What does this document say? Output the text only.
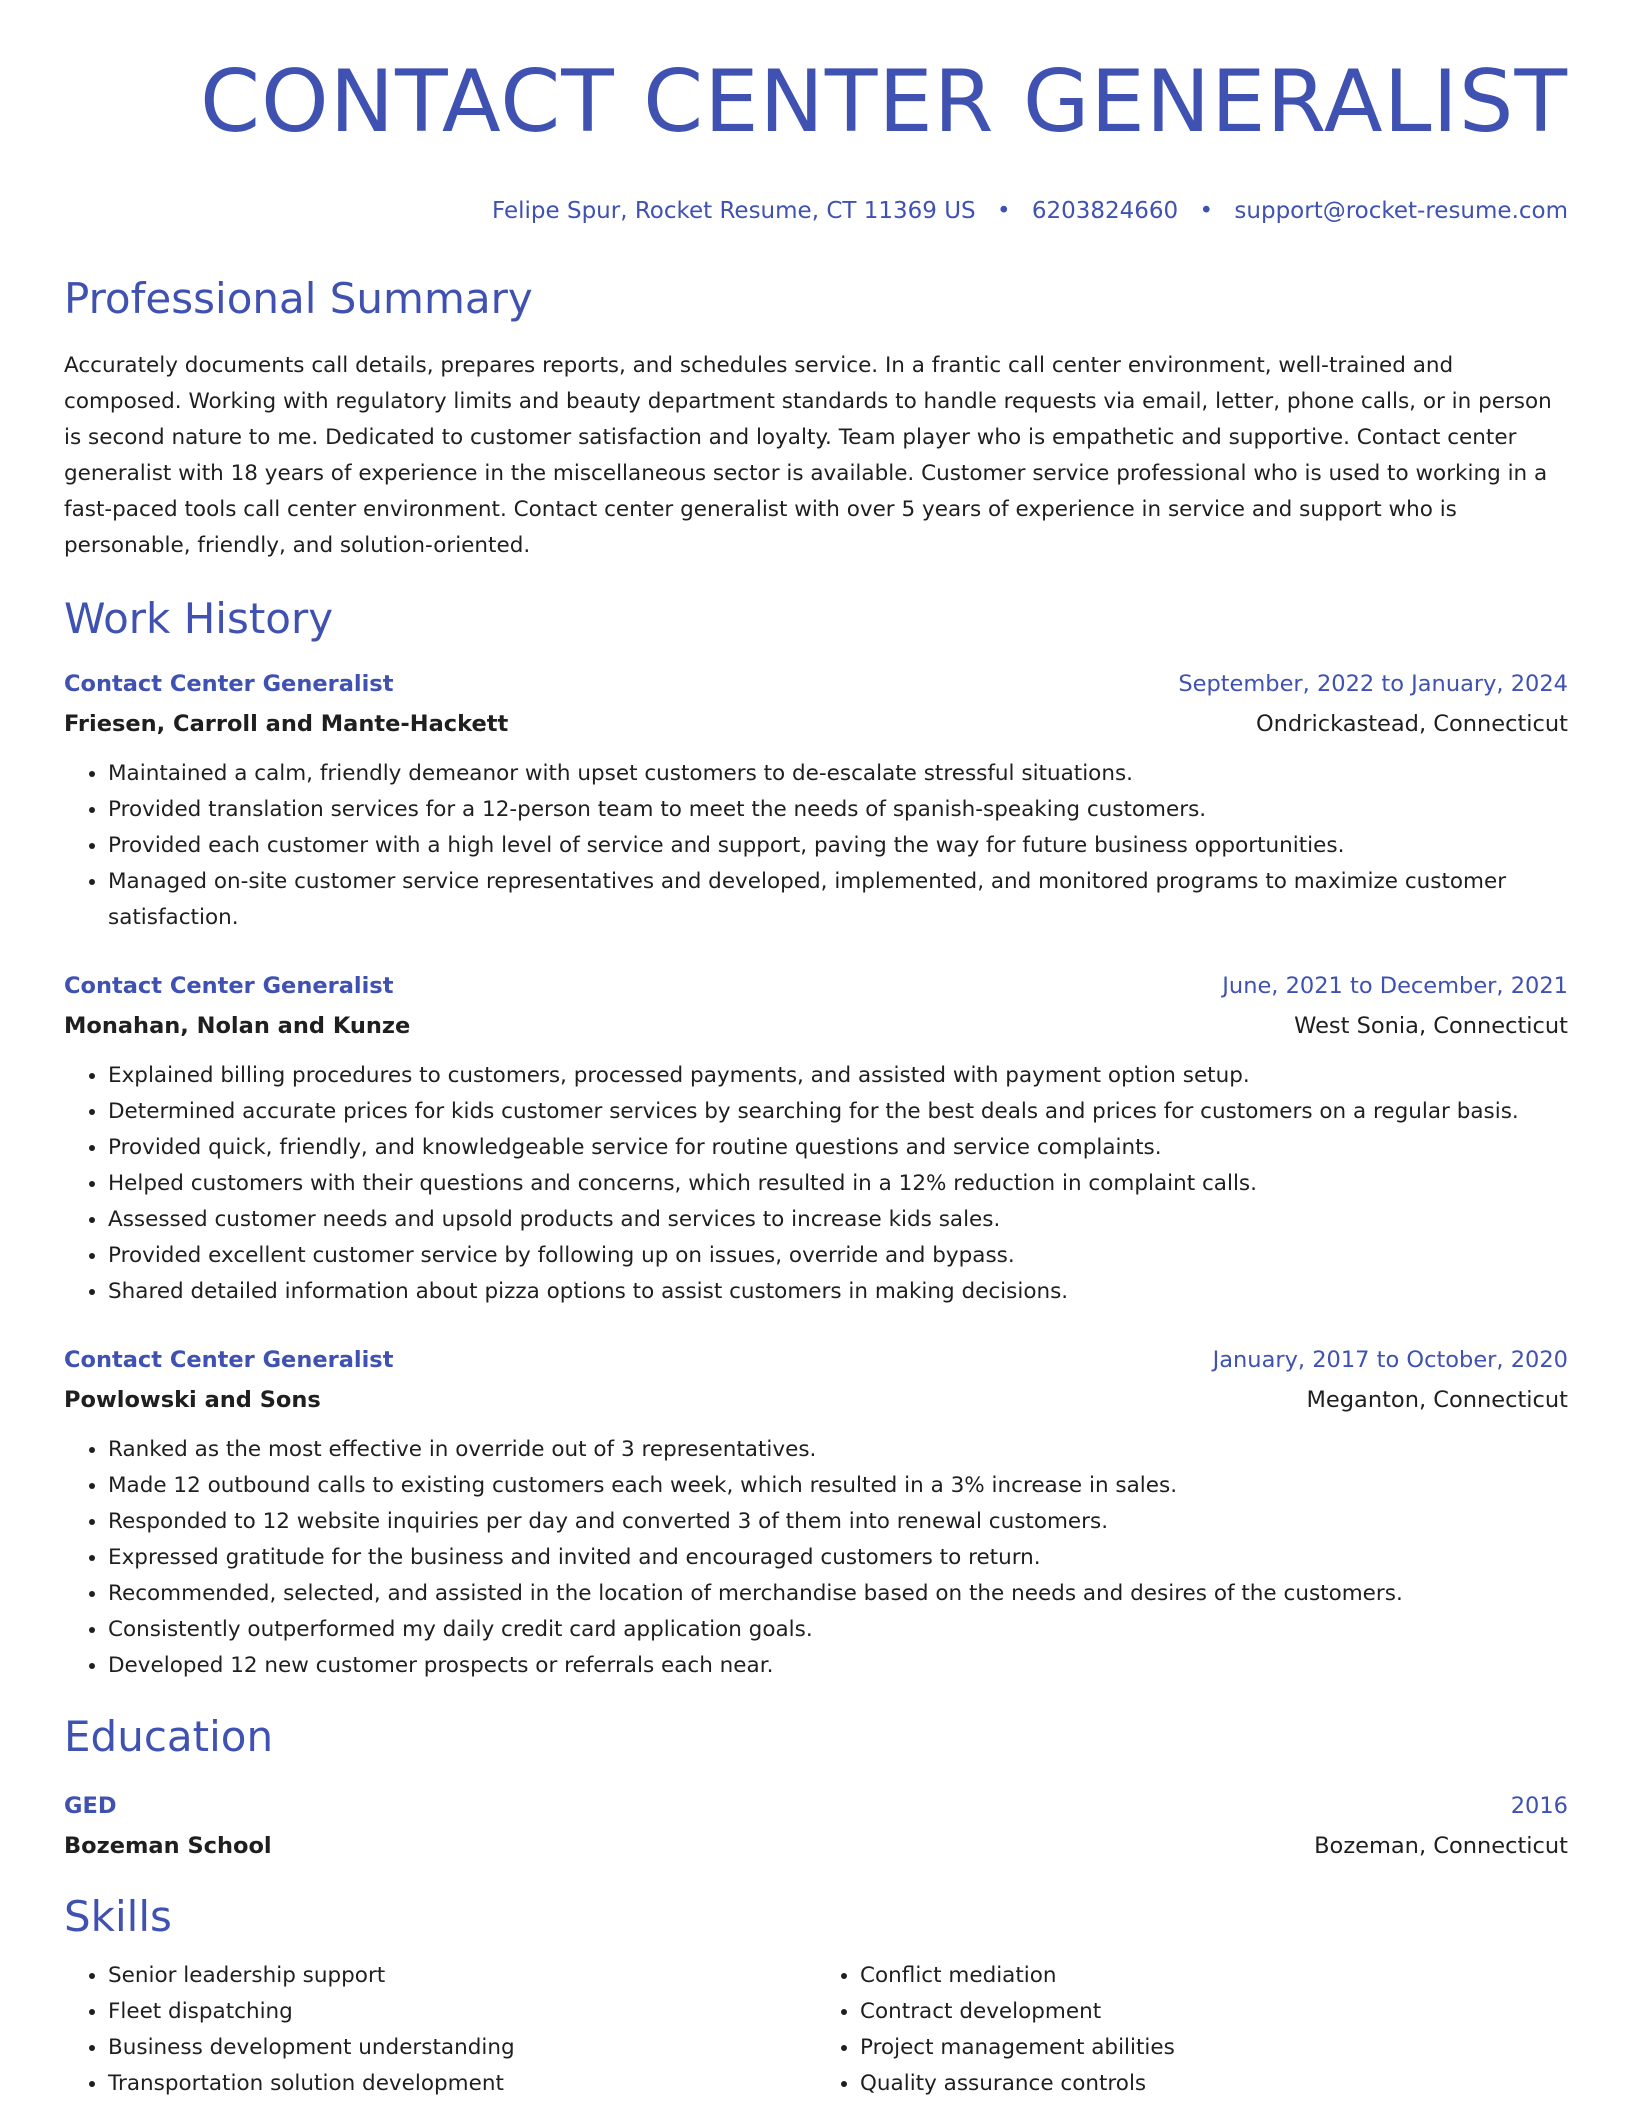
CONTACT CENTER GENERALIST
Felipe Spur, Rocket Resume, CT 11369 US • 6203824660 • support@rocket-resume.com
Professional Summary
Accurately documents call details, prepares reports, and schedules service. In a frantic call center environment, well-trained and composed. Working with regulatory limits and beauty department standards to handle requests via email, letter, phone calls, or in person is second nature to me. Dedicated to customer satisfaction and loyalty. Team player who is empathetic and supportive. Contact center generalist with 18 years of experience in the miscellaneous sector is available. Customer service professional who is used to working in a fast-paced tools call center environment. Contact center generalist with over 5 years of experience in service and support who is personable, friendly, and solution-oriented.
Work History
Contact Center Generalist	September, 2022 to January, 2024
Friesen, Carroll and Mante-Hackett	Ondrickastead, Connecticut
• Maintained a calm, friendly demeanor with upset customers to de-escalate stressful situations.
• Provided translation services for a 12-person team to meet the needs of spanish-speaking customers.
• Provided each customer with a high level of service and support, paving the way for future business opportunities.
• Managed on-site customer service representatives and developed, implemented, and monitored programs to maximize customer satisfaction.
Contact Center Generalist	June, 2021 to December, 2021
Monahan, Nolan and Kunze	West Sonia, Connecticut
• Explained billing procedures to customers, processed payments, and assisted with payment option setup.
• Determined accurate prices for kids customer services by searching for the best deals and prices for customers on a regular basis.
• Provided quick, friendly, and knowledgeable service for routine questions and service complaints.
• Helped customers with their questions and concerns, which resulted in a 12% reduction in complaint calls.
• Assessed customer needs and upsold products and services to increase kids sales.
• Provided excellent customer service by following up on issues, override and bypass.
• Shared detailed information about pizza options to assist customers in making decisions.
Contact Center Generalist	January, 2017 to October, 2020
Powlowski and Sons	Meganton, Connecticut
• Ranked as the most effective in override out of 3 representatives.
• Made 12 outbound calls to existing customers each week, which resulted in a 3% increase in sales.
• Responded to 12 website inquiries per day and converted 3 of them into renewal customers.
• Expressed gratitude for the business and invited and encouraged customers to return.
• Recommended, selected, and assisted in the location of merchandise based on the needs and desires of the customers.
• Consistently outperformed my daily credit card application goals.
• Developed 12 new customer prospects or referrals each near.
Education
GED	2016
Bozeman School	Bozeman, Connecticut
Skills
• Senior leadership support
• Fleet dispatching
• Business development understanding
• Transportation solution development
• Conflict mediation
• Contract development
• Project management abilities
• Quality assurance controls
